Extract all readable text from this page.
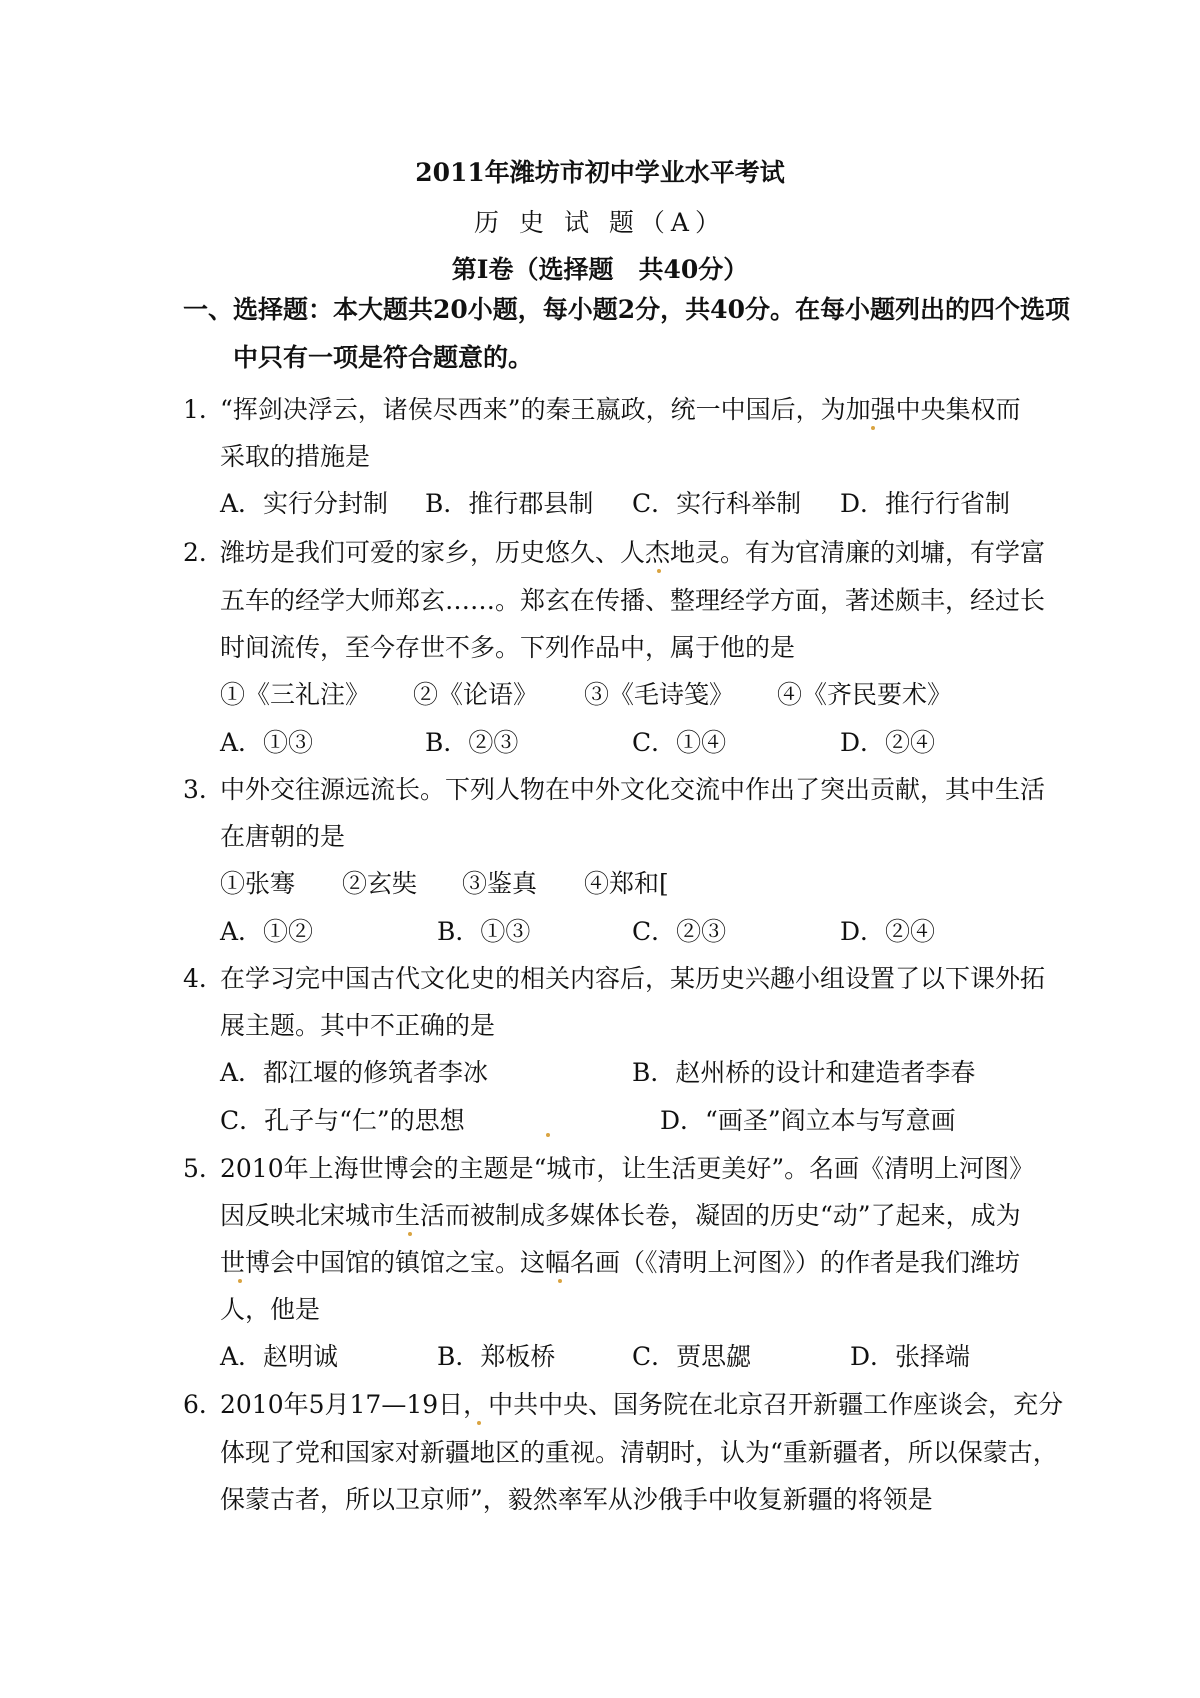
2011年潍坊市初中学业水平考试
历 史 试 题（A）
第Ⅰ卷（选择题　共40分）
一、选择题：本大题共20小题，每小题2分，共40分。在每小题列出的四个选项
中只有一项是符合题意的。
1．
“挥剑决浮云，诸侯尽西来”的秦王嬴政，统一中国后，为加强中央集权而
采取的措施是
A．实行分封制 B．推行郡县制 C．实行科举制 D．推行行省制
2．
潍坊是我们可爱的家乡，历史悠久、人杰地灵。有为官清廉的刘墉，有学富
五车的经学大师郑玄……。郑玄在传播、整理经学方面，著述颇丰，经过长
时间流传，至今存世不多。下列作品中，属于他的是
①《三礼注》 ②《论语》 ③《毛诗笺》 ④《齐民要术》
A．①③	B．②③	C．①④	D．②④
3．
中外交往源远流长。下列人物在中外文化交流中作出了突出贡献，其中生活
在唐朝的是
①张骞 ②玄奘 ③鉴真 ④郑和[
A．①②	B．①③	C．②③	D．②④
4．
在学习完中国古代文化史的相关内容后，某历史兴趣小组设置了以下课外拓
展主题。其中不正确的是
A．都江堰的修筑者李冰	B．赵州桥的设计和建造者李春
C．孔子与“仁”的思想	D．“画圣”阎立本与写意画
5．
2010年上海世博会的主题是“城市，让生活更美好”。名画《清明上河图》
因反映北宋城市生活而被制成多媒体长卷，凝固的历史“动”了起来，成为
世博会中国馆的镇馆之宝。这幅名画（《清明上河图》）的作者是我们潍坊
人，他是
A．赵明诚	B．郑板桥	C．贾思勰	D．张择端
6．
2010年5月17—19日，中共中央、国务院在北京召开新疆工作座谈会，充分
体现了党和国家对新疆地区的重视。清朝时，认为“重新疆者，所以保蒙古，
保蒙古者，所以卫京师”，毅然率军从沙俄手中收复新疆的将领是
